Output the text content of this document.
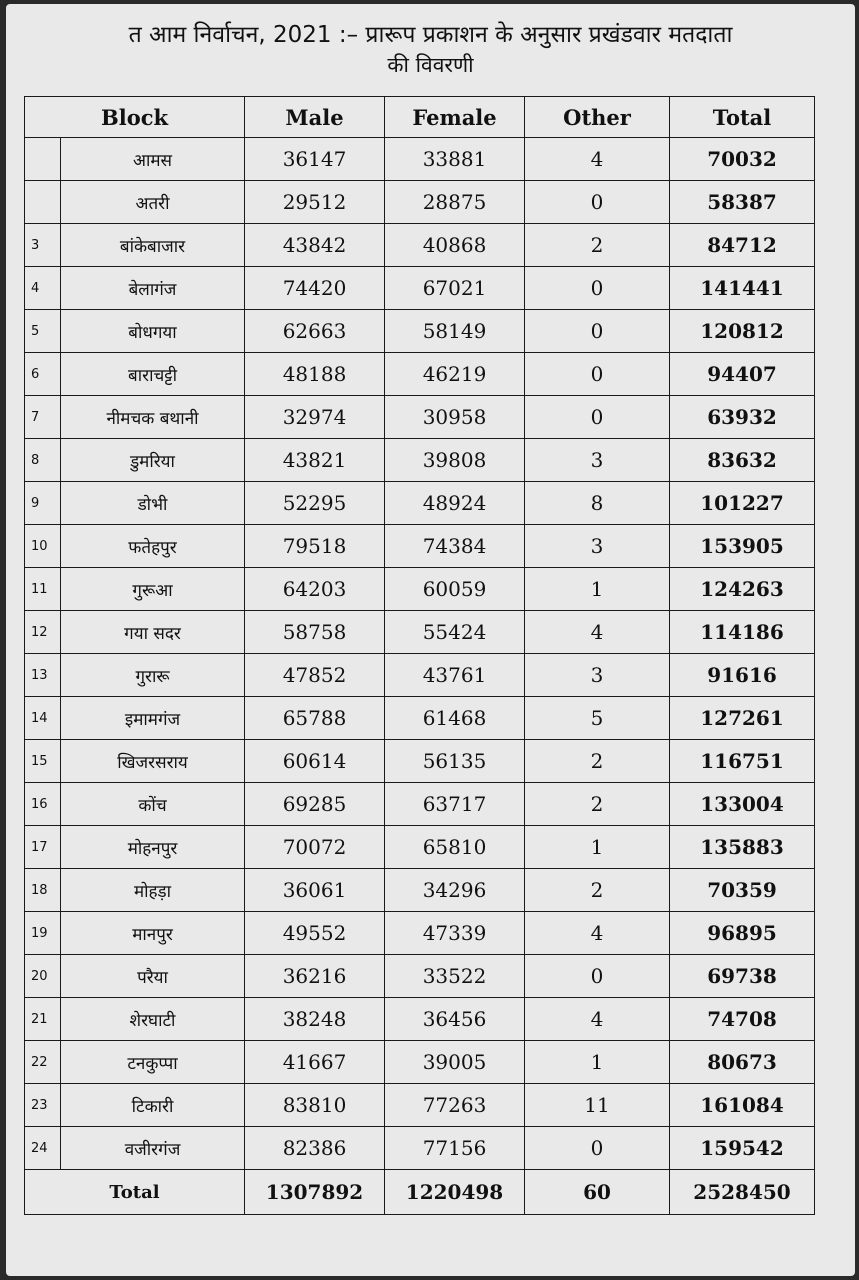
त आम निर्वाचन, 2021 :– प्रारूप प्रकाशन के अनुसार प्रखंडवार मतदाता
की विवरणी
Block		Male	Female	Other	Total
	आमस	36147	33881	4	70032
	अतरी	29512	28875	0	58387
3	बांकेबाजार	43842	40868	2	84712
4	बेलागंज	74420	67021	0	141441
5	बोधगया	62663	58149	0	120812
6	बाराचट्टी	48188	46219	0	94407
7	नीमचक बथानी	32974	30958	0	63932
8	डुमरिया	43821	39808	3	83632
9	डोभी	52295	48924	8	101227
10	फतेहपुर	79518	74384	3	153905
11	गुरूआ	64203	60059	1	124263
12	गया सदर	58758	55424	4	114186
13	गुरारू	47852	43761	3	91616
14	इमामगंज	65788	61468	5	127261
15	खिजरसराय	60614	56135	2	116751
16	कोंच	69285	63717	2	133004
17	मोहनपुर	70072	65810	1	135883
18	मोहड़ा	36061	34296	2	70359
19	मानपुर	49552	47339	4	96895
20	परैया	36216	33522	0	69738
21	शेरघाटी	38248	36456	4	74708
22	टनकुप्पा	41667	39005	1	80673
23	टिकारी	83810	77263	11	161084
24	वजीरगंज	82386	77156	0	159542
Total		1307892	1220498	60	2528450
